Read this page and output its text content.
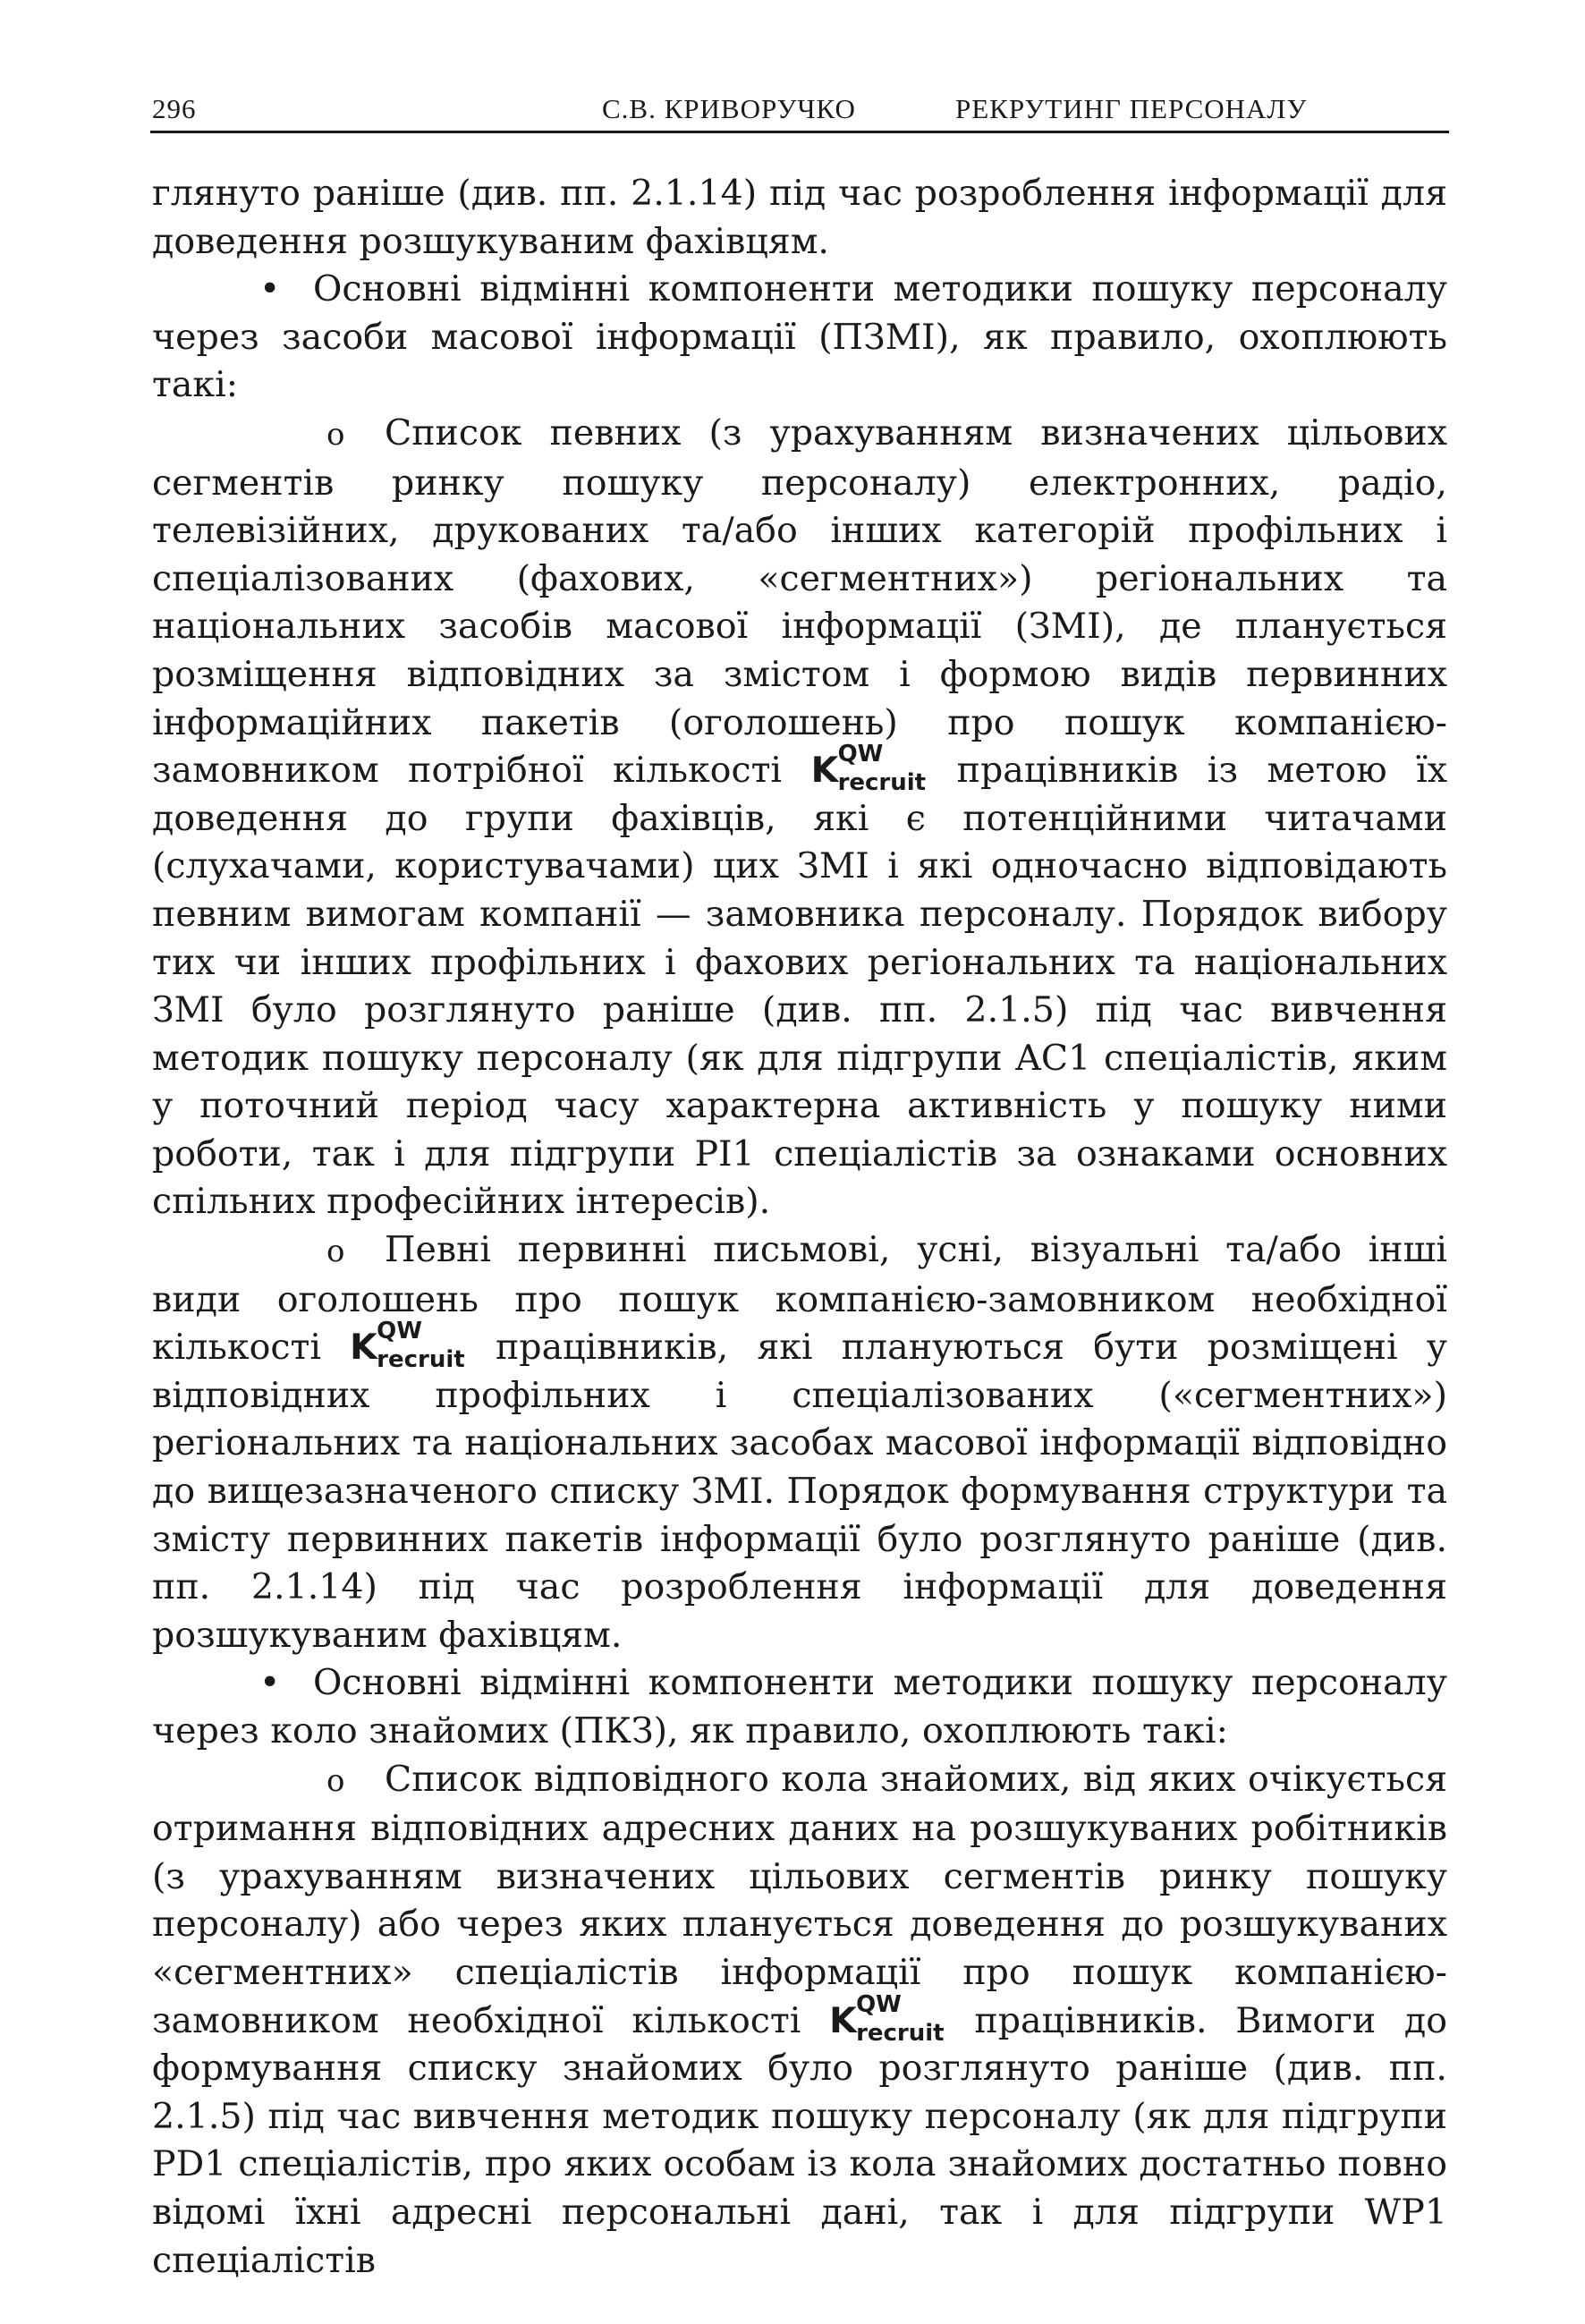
296	С.В. КРИВОРУЧКО	РЕКРУТИНГ ПЕРСОНАЛУ

глянуто раніше (див. пп. 2.1.14) під час розроблення інформації для доведення розшукуваним фахівцям.

• Основні відмінні компоненти методики пошуку персоналу через засоби масової інформації (ПЗМІ), як правило, охоплюють такі:

o Список певних (з урахуванням визначених цільових сегментів ринку пошуку персоналу) електронних, радіо, телевізійних, друкованих та/або інших категорій профільних і спеціалізованих (фахових, «сегментних») регіональних та національних засобів масової інформації (ЗМІ), де планується розміщення відповідних за змістом і формою видів первинних інформаційних пакетів (оголошень) про пошук компанією-замовником потрібної кількості K QW
recruit працівників із метою їх доведення до групи фахівців, які є потенційними читачами (слухачами, користувачами) цих ЗМІ і які одночасно відповідають певним вимогам компанії — замовника персоналу. Порядок вибору тих чи інших профільних і фахових регіональних та національних ЗМІ було розглянуто раніше (див. пп. 2.1.5) під час вивчення методик пошуку персоналу (як для підгрупи AC1 спеціалістів, яким у поточний період часу характерна активність у пошуку ними роботи, так і для підгрупи PI1 спеціалістів за ознаками основних спільних професійних інтересів).

o Певні первинні письмові, усні, візуальні та/або інші види оголошень про пошук компанією-замовником необхідної кількості K QW
recruit працівників, які плануються бути розміщені у відповідних профільних і спеціалізованих («сегментних») регіональних та національних засобах масової інформації відповідно до вищезазначеного списку ЗМІ. Порядок формування структури та змісту первинних пакетів інформації було розглянуто раніше (див. пп. 2.1.14) під час розроблення інформації для доведення розшукуваним фахівцям.

• Основні відмінні компоненти методики пошуку персоналу через коло знайомих (ПКЗ), як правило, охоплюють такі:

o Список відповідного кола знайомих, від яких очікується отримання відповідних адресних даних на розшукуваних робітників (з урахуванням визначених цільових сегментів ринку пошуку персоналу) або через яких планується доведення до розшукуваних «сегментних» спеціалістів інформації про пошук компанією-замовником необхідної кількості K QW
recruit працівників. Вимоги до формування списку знайомих було розглянуто раніше (див. пп. 2.1.5) під час вивчення методик пошуку персоналу (як для підгрупи PD1 спеціалістів, про яких особам із кола знайомих достатньо повно відомі їхні адресні персональні дані, так і для підгрупи WP1 спеціалістів
